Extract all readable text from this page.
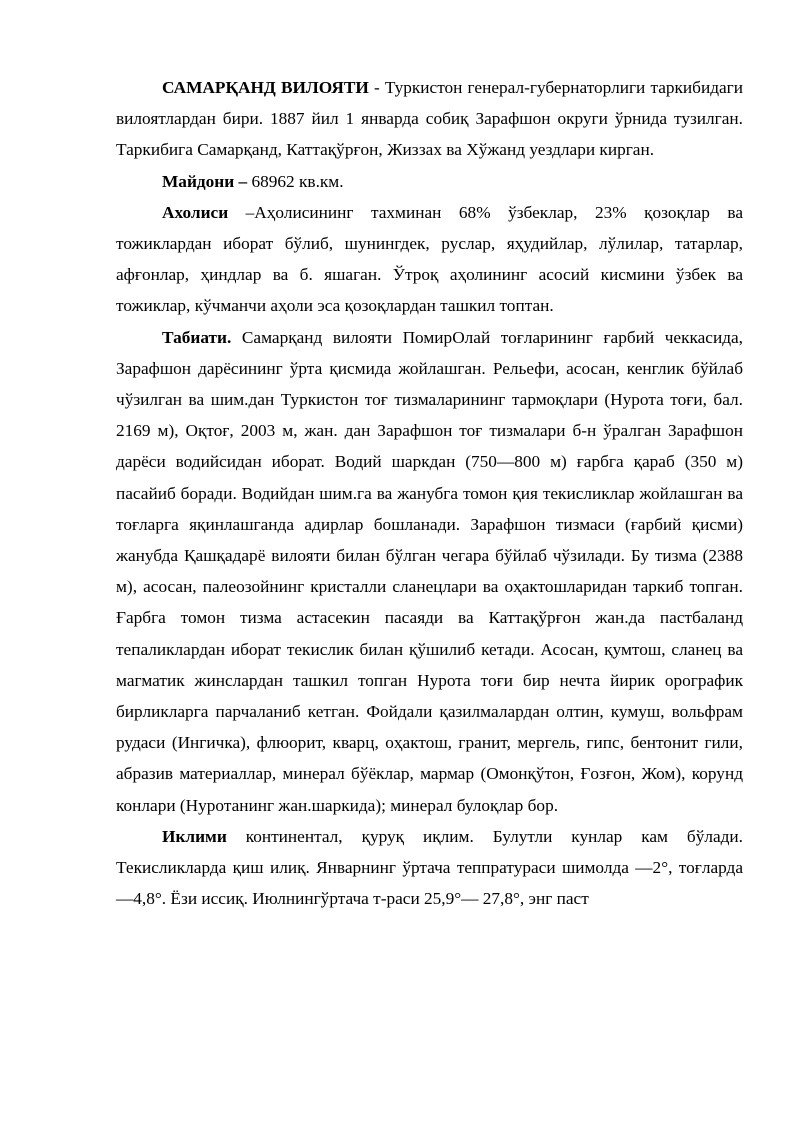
САМАРҚАНД ВИЛОЯТИ - Туркистон генерал-губернаторлиги таркибидаги вилоятлардан бири. 1887 йил 1 январда собиқ Зарафшон округи ўрнида тузилган. Таркибига Самарқанд, Каттақўрғон, Жиззах ва Хўжанд уездлари кирган.

Майдони – 68962 кв.км.

Ахолиси –Аҳолисининг тахминан 68% ўзбеклар, 23% қозоқлар ва тожиклардан иборат бўлиб, шунингдек, руслар, яҳудийлар, лўлилар, татарлар, афғонлар, ҳиндлар ва б. яшаган. Ўтроқ аҳолининг асосий кисмини ўзбек ва тожиклар, кўчманчи аҳоли эса қозоқлардан ташкил топтан.

Табиати. Самарқанд вилояти ПомирОлай тоғларининг ғарбий чеккасида, Зарафшон дарёсининг ўрта қисмида жойлашган. Рельефи, асосан, кенглик бўйлаб чўзилган ва шим.дан Туркистон тоғ тизмаларининг тармоқлари (Нурота тоғи, бал. 2169 м), Оқтоғ, 2003 м, жан. дан Зарафшон тоғ тизмалари б-н ўралган Зарафшон дарёси водийсидан иборат. Водий шаркдан (750—800 м) ғарбга қараб (350 м) пасайиб боради. Водийдан шим.га ва жанубга томон қия текисликлар жойлашган ва тоғларга яқинлашганда адирлар бошланади. Зарафшон тизмаси (ғарбий қисми) жанубда Қашқадарё вилояти билан бўлган чегара бўйлаб чўзилади. Бу тизма (2388 м), асосан, палеозойнинг кристалли сланецлари ва оҳактошларидан таркиб топган. Ғарбга томон тизма астасекин пасаяди ва Каттақўрғон жан.да пастбаланд тепаликлардан иборат текислик билан қўшилиб кетади. Асосан, қумтош, сланец ва магматик жинслардан ташкил топган Нурота тоғи бир нечта йирик орографик бирликларга парчаланиб кетган. Фойдали қазилмалардан олтин, кумуш, вольфрам рудаси (Ингичка), флюорит, кварц, оҳактош, гранит, мергель, гипс, бентонит гили, абразив материаллар, минерал бўёклар, мармар (Омонқўтон, Ғозғон, Жом), корунд конлари (Нуротанинг жан.шаркида); минерал булоқлар бор.

Иклими континентал, қуруқ иқлим. Булутли кунлар кам бўлади. Текисликларда қиш илиқ. Январнинг ўртача теппратураси шимолда —2°, тоғларда —4,8°. Ёзи иссиқ. Июлнингўртача т-раси 25,9°— 27,8°, энг паст
